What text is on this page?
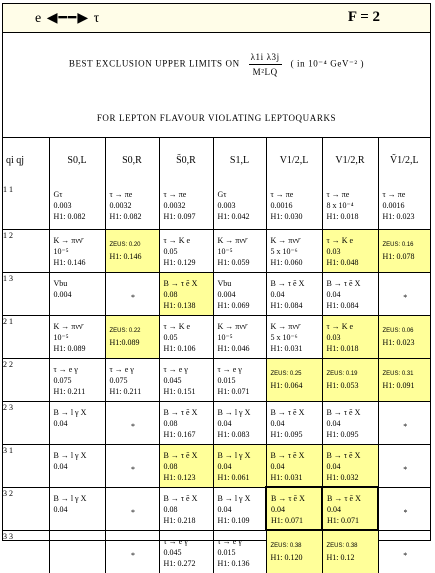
e ◀━━▶ τ	F = 2
BEST EXCLUSION UPPER LIMITS ON $\frac{\text{λ1i λ3j}}{\text{M²LQ}}$ ( in 10⁻⁴ GeV⁻² )
FOR LEPTON FLAVOUR VIOLATING LEPTOQUARKS
qi qj	S0,L	S0,R	S̃0,R	S1,L	V1/2,L	V1/2,R	Ṽ1/2,L
1 1	Gτ
0.003
H1: 0.082	τ → πe
0.0032
H1: 0.082	τ → πe
0.0032
H1: 0.097	Gτ
0.003
H1: 0.042	τ → πe
0.0016
H1: 0.030	τ → πe
8 x 10⁻⁴
H1: 0.018	τ → πe
0.0016
H1: 0.023

1 2	K → πνν̄
10⁻⁵
H1: 0.146	ZEUS: 0.20
H1: 0.146	τ → K e
0.05
H1: 0.129	K → πνν̄
10⁻⁵
H1: 0.059	K → πνν̄
5 x 10⁻⁶
H1: 0.060	τ → K e
0.03
H1: 0.048	ZEUS: 0.16
H1: 0.078

1 3	Vbu
0.004	*	B → τ ē X
0.08
H1: 0.138	Vbu
0.004
H1: 0.069	B → τ ē X
0.04
H1: 0.084	B → τ ē X
0.04
H1: 0.084	*

2 1	K → πνν̄
10⁻⁵
H1: 0.089	ZEUS: 0.22
H1:0.089	τ → K e
0.05
H1: 0.106	K → πνν̄
10⁻⁵
H1: 0.046	K → πνν̄
5 x 10⁻⁶
H1: 0.031	τ → K e
0.03
H1: 0.018	ZEUS: 0.06
H1: 0.023

2 2	τ → e γ
0.075
H1: 0.211	τ → e γ
0.075
H1: 0.211	τ → e γ
0.045
H1: 0.151	τ → e γ
0.015
H1: 0.071	ZEUS: 0.25
H1: 0.064	ZEUS: 0.19
H1: 0.053	ZEUS: 0.31
H1: 0.091

2 3	B → l γ X
0.04	*	B → τ ē X
0.08
H1: 0.167	B → l γ X
0.04
H1: 0.083	B → τ ē X
0.04
H1: 0.095	B → τ ē X
0.04
H1: 0.095	*

3 1	B → l γ X
0.04	*	B → τ ē X
0.08
H1: 0.123	B → l γ X
0.04
H1: 0.061	B → τ ē X
0.04
H1: 0.031	B → τ ē X
0.04
H1: 0.032	*

3 2	B → l γ X
0.04	*	B → τ ē X
0.08
H1: 0.218	B → l γ X
0.04
H1: 0.109	B → τ ē X
0.04
H1: 0.071	B → τ ē X
0.04
H1: 0.071	*

3 3		*	τ → e γ
0.045
H1: 0.272	τ → e γ
0.015
H1: 0.136	ZEUS: 0.38
H1: 0.120	ZEUS: 0.38
H1: 0.12	*
